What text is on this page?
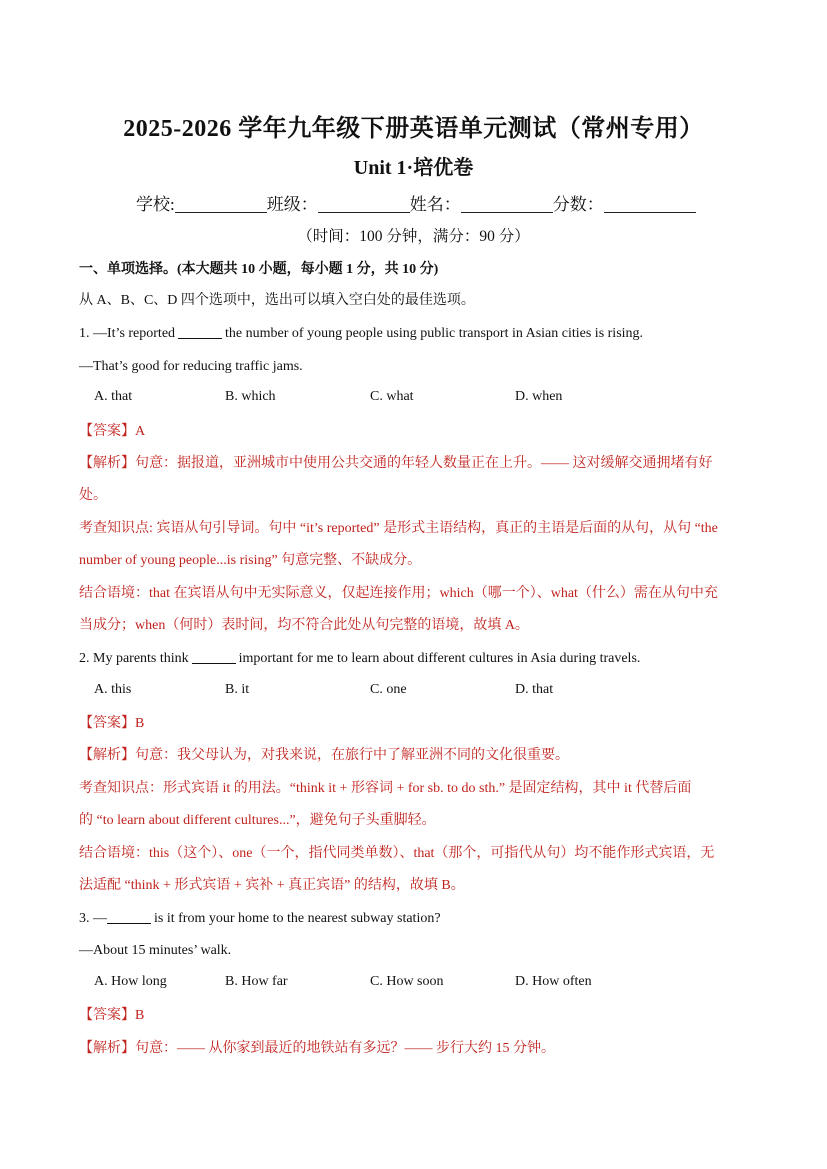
2025-2026 学年九年级下册英语单元测试（常州专用）
Unit 1·培优卷
学校:	班级：	姓名：	分数：
（时间：100 分钟，满分：90 分）
一、单项选择。(本大题共 10 小题，每小题 1 分，共 10 分)
从 A、B、C、D 四个选项中，选出可以填入空白处的最佳选项。
1. —It’s reported	the number of young people using public transport in Asian cities is rising.
—That’s good for reducing traffic jams.
A. that	B. which	C. what	D. when
【答案】A
【解析】句意：据报道，亚洲城市中使用公共交通的年轻人数量正在上升。—— 这对缓解交通拥堵有好
处。
考查知识点: 宾语从句引导词。句中 “it’s reported” 是形式主语结构，真正的主语是后面的从句，从句 “the
number of young people...is rising” 句意完整、不缺成分。
结合语境：that 在宾语从句中无实际意义，仅起连接作用；which（哪一个）、what（什么）需在从句中充
当成分；when（何时）表时间，均不符合此处从句完整的语境，故填 A。
2. My parents think	important for me to learn about different cultures in Asia during travels.
A. this	B. it	C. one	D. that
【答案】B
【解析】句意：我父母认为，对我来说，在旅行中了解亚洲不同的文化很重要。
考查知识点：形式宾语 it 的用法。“think it + 形容词 + for sb. to do sth.” 是固定结构，其中 it 代替后面
的 “to learn about different cultures...”，避免句子头重脚轻。
结合语境：this（这个）、one（一个，指代同类单数）、that（那个，可指代从句）均不能作形式宾语，无
法适配 “think + 形式宾语 + 宾补 + 真正宾语” 的结构，故填 B。
3. —	is it from your home to the nearest subway station?
—About 15 minutes’ walk.
A. How long	B. How far	C. How soon	D. How often
【答案】B
【解析】句意：—— 从你家到最近的地铁站有多远？—— 步行大约 15 分钟。
